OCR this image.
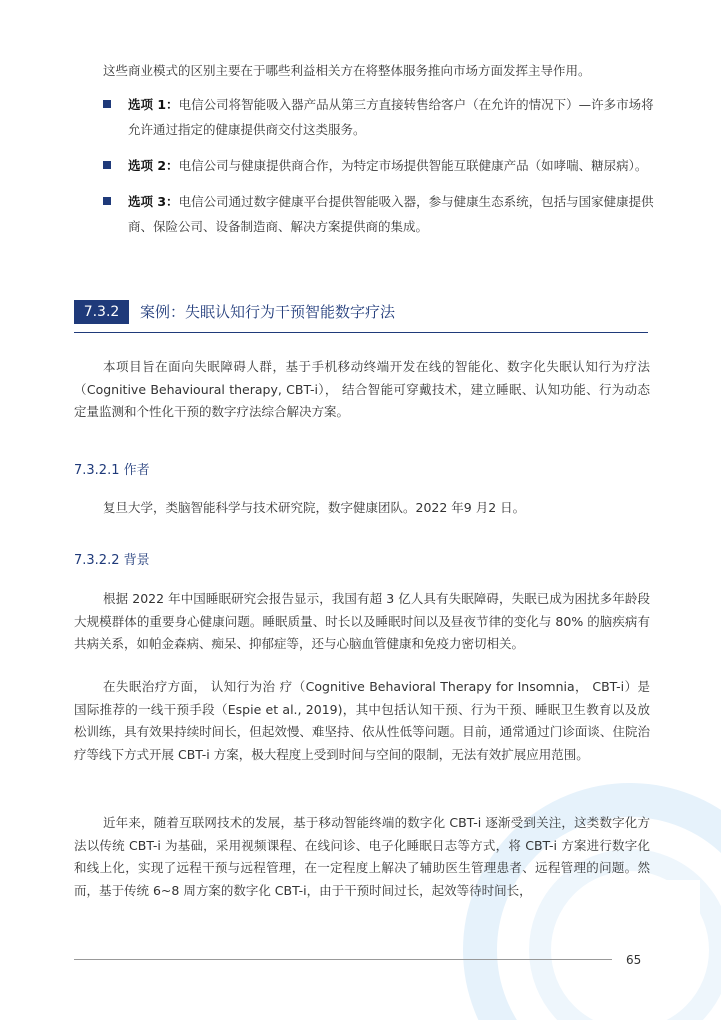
这些商业模式的区别主要在于哪些利益相关方在将整体服务推向市场方面发挥主导作用。
选项 1：电信公司将智能吸入器产品从第三方直接转售给客户（在允许的情况下）—许多市场将允许通过指定的健康提供商交付这类服务。
选项 2：电信公司与健康提供商合作，为特定市场提供智能互联健康产品（如哮喘、糖尿病）。
选项 3：电信公司通过数字健康平台提供智能吸入器，参与健康生态系统，包括与国家健康提供商、保险公司、设备制造商、解决方案提供商的集成。
7.3.2	案例：失眠认知行为干预智能数字疗法
本项目旨在面向失眠障碍人群，基于手机移动终端开发在线的智能化、数字化失眠认知行为疗法（Cognitive Behavioural therapy, CBT-i）， 结合智能可穿戴技术，建立睡眠、认知功能、行为动态定量监测和个性化干预的数字疗法综合解决方案。
7.3.2.1 作者
复旦大学，类脑智能科学与技术研究院，数字健康团队。2022 年9 月2 日。
7.3.2.2 背景
根据 2022 年中国睡眠研究会报告显示，我国有超 3 亿人具有失眠障碍，失眠已成为困扰多年龄段大规模群体的重要身心健康问题。睡眠质量、时长以及睡眠时间以及昼夜节律的变化与 80% 的脑疾病有共病关系，如帕金森病、痴呆、抑郁症等，还与心脑血管健康和免疫力密切相关。
在失眠治疗方面， 认知行为治 疗（Cognitive Behavioral Therapy for Insomnia， CBT-i）是国际推荐的一线干预手段（Espie et al., 2019)，其中包括认知干预、行为干预、睡眠卫生教育以及放松训练，具有效果持续时间长，但起效慢、难坚持、依从性低等问题。目前，通常通过门诊面谈、住院治疗等线下方式开展 CBT-i 方案，极大程度上受到时间与空间的限制，无法有效扩展应用范围。
近年来，随着互联网技术的发展，基于移动智能终端的数字化 CBT-i 逐渐受到关注，这类数字化方法以传统 CBT-i 为基础，采用视频课程、在线问诊、电子化睡眠日志等方式，将 CBT-i 方案进行数字化和线上化，实现了远程干预与远程管理，在一定程度上解决了辅助医生管理患者、远程管理的问题。然而，基于传统 6~8 周方案的数字化 CBT-i，由于干预时间过长，起效等待时间长，
65
